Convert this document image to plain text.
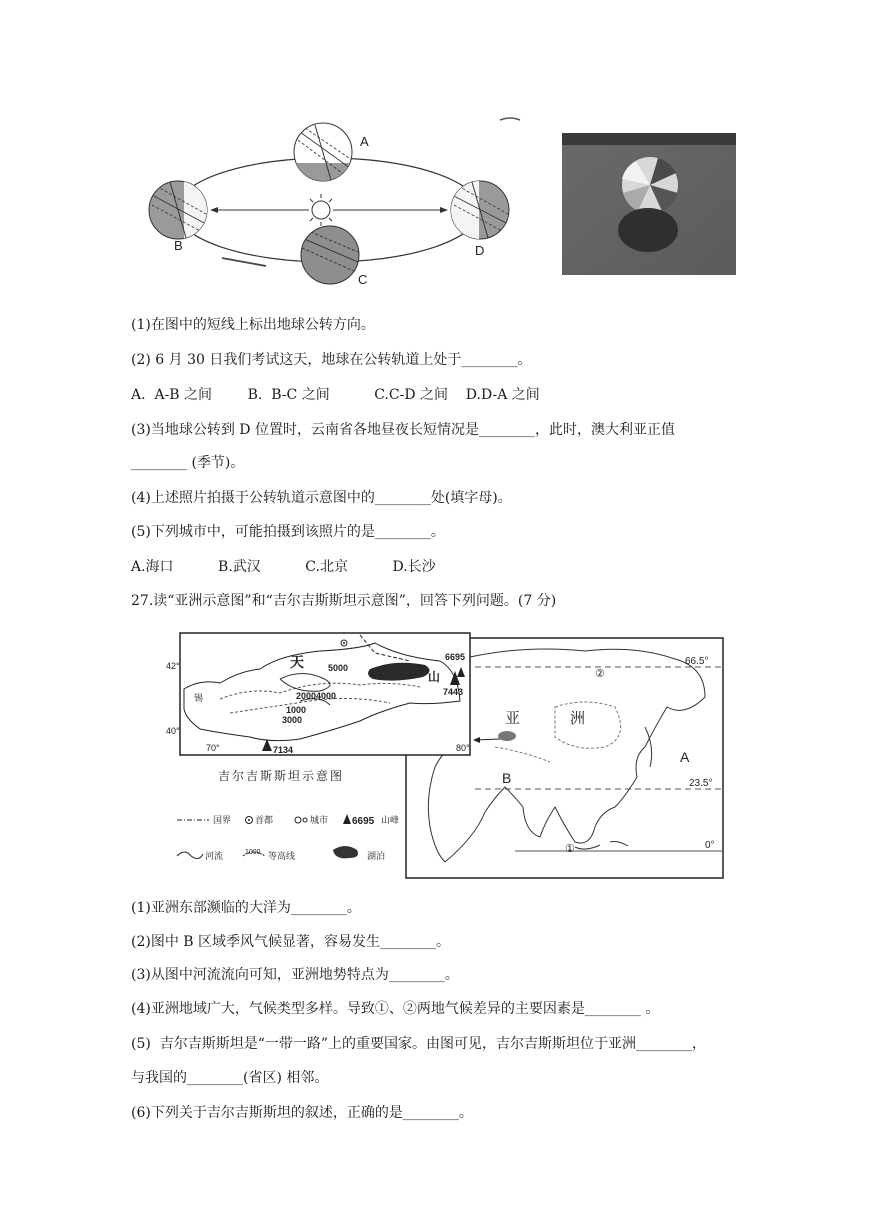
A
B
C
D
(1)在图中的短线上标出地球公转方向。
(2) 6 月 30 日我们考试这天，地球在公转轨道上处于________。
A.  A-B 之间        B.  B-C 之间          C.C-D 之间    D.D-A 之间
(3)当地球公转到 D 位置时，云南省各地昼夜长短情况是________，此时，澳大利亚正值
________ (季节)。
(4)上述照片拍摄于公转轨道示意图中的________处(填字母)。
(5)下列城市中，可能拍摄到该照片的是________。
A.海口          B.武汉          C.北京          D.长沙
27.读“亚洲示意图”和“吉尔吉斯斯坦示意图”，回答下列问题。(7 分)
66.5°
23.5°
0°
亚	洲
A
B
①
②
42°
40°
70°	80°
天
山
6695
7443
7134
5000
2000 4000
1000
3000
锡
吉尔吉斯斯坦示意图
国界	首都	城市 6695 山峰
河流	1000 等高线	湖泊
(1)亚洲东部濒临的大洋为________。
(2)图中 B 区域季风气候显著，容易发生________。
(3)从图中河流流向可知，亚洲地势特点为________。
(4)亚洲地域广大，气候类型多样。导致①、②两地气候差异的主要因素是________ 。
(5)  吉尔吉斯斯坦是“一带一路”上的重要国家。由图可见，吉尔吉斯斯坦位于亚洲________，
与我国的________(省区) 相邻。
(6)下列关于吉尔吉斯斯坦的叙述，正确的是________。
